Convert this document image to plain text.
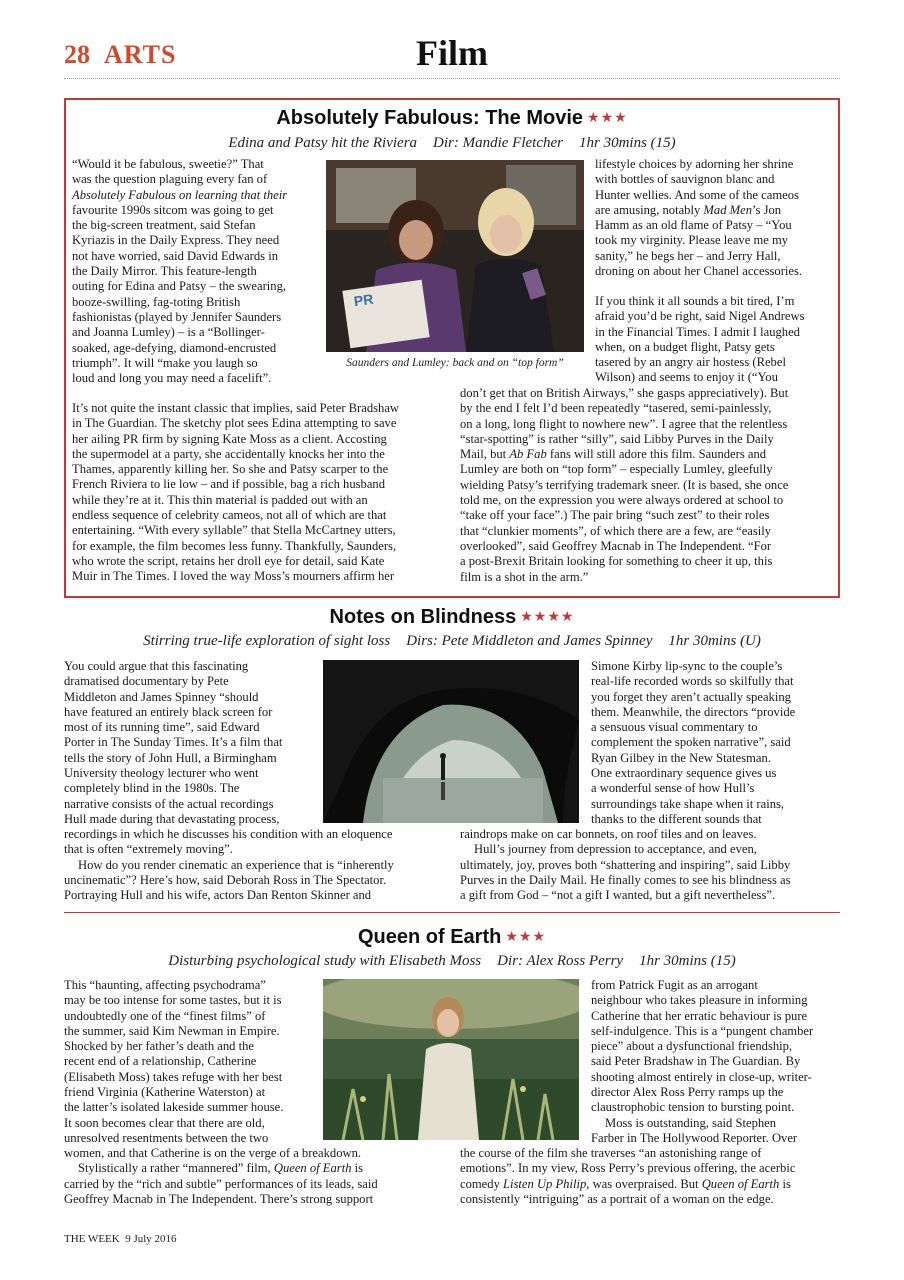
28 ARTS	Film
Absolutely Fabulous: The Movie ★★★
Edina and Patsy hit the Riviera Dir: Mandie Fletcher 1hr 30mins (15)
“Would it be fabulous, sweetie?” That
was the question plaguing every fan of
Absolutely Fabulous on learning that their
favourite 1990s sitcom was going to get
the big-screen treatment, said Stefan
Kyriazis in the Daily Express. They need
not have worried, said David Edwards in
the Daily Mirror. This feature-length
outing for Edina and Patsy – the swearing,
booze-swilling, fag-toting British
fashionistas (played by Jennifer Saunders
and Joanna Lumley) – is a “Bollinger-
soaked, age-defying, diamond-encrusted
triumph”. It will “make you laugh so
loud and long you may need a facelift”.
PR
Saunders and Lumley: back and on “top form”
lifestyle choices by adorning her shrine
with bottles of sauvignon blanc and
Hunter wellies. And some of the cameos
are amusing, notably Mad Men’s Jon
Hamm as an old flame of Patsy – “You
took my virginity. Please leave me my
sanity,” he begs her – and Jerry Hall,
droning on about her Chanel accessories.
If you think it all sounds a bit tired, I’m
afraid you’d be right, said Nigel Andrews
in the Financial Times. I admit I laughed
when, on a budget flight, Patsy gets
tasered by an angry air hostess (Rebel
Wilson) and seems to enjoy it (“You
It’s not quite the instant classic that implies, said Peter Bradshaw
in The Guardian. The sketchy plot sees Edina attempting to save
her ailing PR firm by signing Kate Moss as a client. Accosting
the supermodel at a party, she accidentally knocks her into the
Thames, apparently killing her. So she and Patsy scarper to the
French Riviera to lie low – and if possible, bag a rich husband
while they’re at it. This thin material is padded out with an
endless sequence of celebrity cameos, not all of which are that
entertaining. “With every syllable” that Stella McCartney utters,
for example, the film becomes less funny. Thankfully, Saunders,
who wrote the script, retains her droll eye for detail, said Kate
Muir in The Times. I loved the way Moss’s mourners affirm her
don’t get that on British Airways,” she gasps appreciatively). But
by the end I felt I’d been repeatedly “tasered, semi-painlessly,
on a long, long flight to nowhere new”. I agree that the relentless
“star-spotting” is rather “silly”, said Libby Purves in the Daily
Mail, but Ab Fab fans will still adore this film. Saunders and
Lumley are both on “top form” – especially Lumley, gleefully
wielding Patsy’s terrifying trademark sneer. (It is based, she once
told me, on the expression you were always ordered at school to
“take off your face”.) The pair bring “such zest” to their roles
that “clunkier moments”, of which there are a few, are “easily
overlooked”, said Geoffrey Macnab in The Independent. “For
a post-Brexit Britain looking for something to cheer it up, this
film is a shot in the arm.”
Notes on Blindness ★★★★
Stirring true-life exploration of sight loss Dirs: Pete Middleton and James Spinney 1hr 30mins (U)
You could argue that this fascinating
dramatised documentary by Pete
Middleton and James Spinney “should
have featured an entirely black screen for
most of its running time”, said Edward
Porter in The Sunday Times. It’s a film that
tells the story of John Hull, a Birmingham
University theology lecturer who went
completely blind in the 1980s. The
narrative consists of the actual recordings
Hull made during that devastating process,
Simone Kirby lip-sync to the couple’s
real-life recorded words so skilfully that
you forget they aren’t actually speaking
them. Meanwhile, the directors “provide
a sensuous visual commentary to
complement the spoken narrative”, said
Ryan Gilbey in the New Statesman.
One extraordinary sequence gives us
a wonderful sense of how Hull’s
surroundings take shape when it rains,
thanks to the different sounds that
recordings in which he discusses his condition with an eloquence
that is often “extremely moving”.
How do you render cinematic an experience that is “inherently
uncinematic”? Here’s how, said Deborah Ross in The Spectator.
Portraying Hull and his wife, actors Dan Renton Skinner and
raindrops make on car bonnets, on roof tiles and on leaves.
Hull’s journey from depression to acceptance, and even,
ultimately, joy, proves both “shattering and inspiring”, said Libby
Purves in the Daily Mail. He finally comes to see his blindness as
a gift from God – “not a gift I wanted, but a gift nevertheless”.
Queen of Earth ★★★
Disturbing psychological study with Elisabeth Moss Dir: Alex Ross Perry 1hr 30mins (15)
This “haunting, affecting psychodrama”
may be too intense for some tastes, but it is
undoubtedly one of the “finest films” of
the summer, said Kim Newman in Empire.
Shocked by her father’s death and the
recent end of a relationship, Catherine
(Elisabeth Moss) takes refuge with her best
friend Virginia (Katherine Waterston) at
the latter’s isolated lakeside summer house.
It soon becomes clear that there are old,
unresolved resentments between the two
from Patrick Fugit as an arrogant
neighbour who takes pleasure in informing
Catherine that her erratic behaviour is pure
self-indulgence. This is a “pungent chamber
piece” about a dysfunctional friendship,
said Peter Bradshaw in The Guardian. By
shooting almost entirely in close-up, writer-
director Alex Ross Perry ramps up the
claustrophobic tension to bursting point.
Moss is outstanding, said Stephen
Farber in The Hollywood Reporter. Over
women, and that Catherine is on the verge of a breakdown.
Stylistically a rather “mannered” film, Queen of Earth is
carried by the “rich and subtle” performances of its leads, said
Geoffrey Macnab in The Independent. There’s strong support
the course of the film she traverses “an astonishing range of
emotions”. In my view, Ross Perry’s previous offering, the acerbic
comedy Listen Up Philip, was overpraised. But Queen of Earth is
consistently “intriguing” as a portrait of a woman on the edge.
THE WEEK 9 July 2016
